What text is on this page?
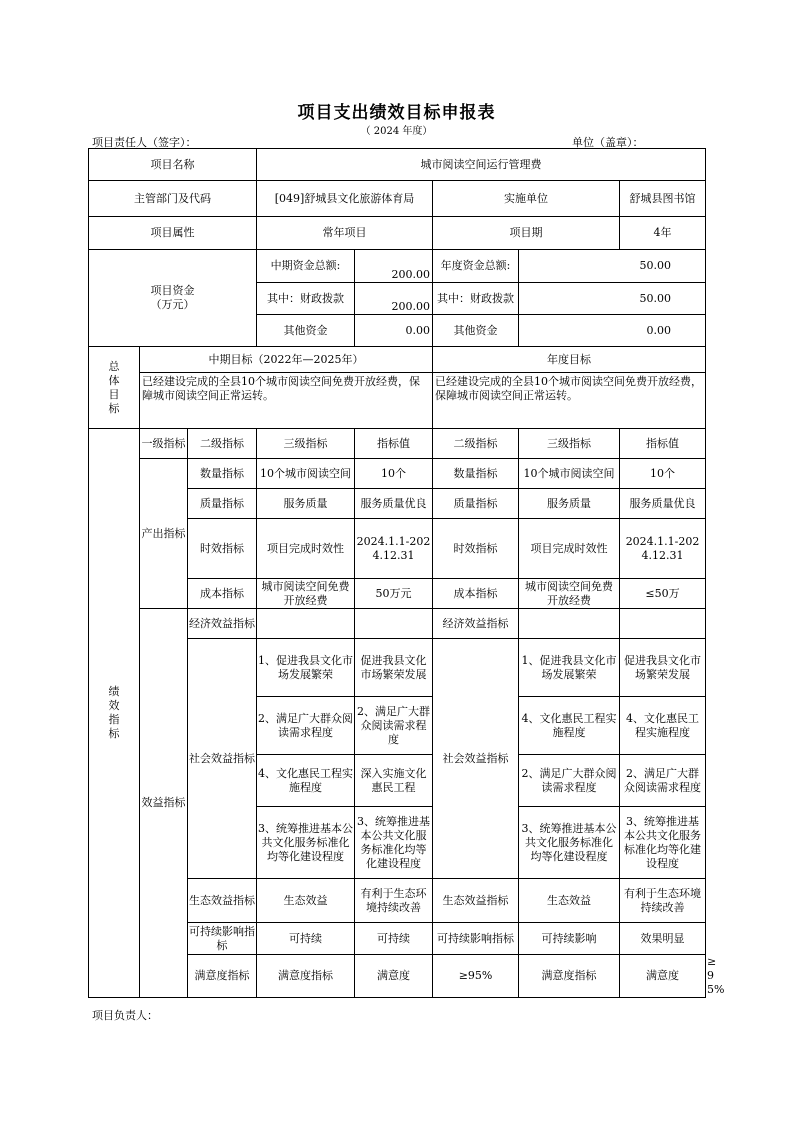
项目支出绩效目标申报表
（ 2024 年度）
项目责任人（签字）：	单位（盖章）：
项目名称			城市阅读空间运行管理费					
主管部门及代码			[049]舒城县文化旅游体育局		实施单位		舒城县图书馆	
项目属性			常年项目		项目期		4年	

项目资金
（万元）			中期资金总额:	200.00	年度资金总额:	50.00		
			其中：财政拨款	200.00	其中：财政拨款	50.00		
			其他资金	0.00	其他资金	0.00		
总体目标	中期目标（2022年—2025年）				年度目标			
	已经建设完成的全县10个城市阅读空间免费开放经费，保障城市阅读空间正常运转。				已经建设完成的全县10个城市阅读空间免费开放经费，保障城市阅读空间正常运转。			
绩效指标	一级指标	二级指标	三级指标	指标值	二级指标	三级指标	指标值	
	产出指标	数量指标	10个城市阅读空间	10个	数量指标	10个城市阅读空间	10个	
		质量指标	服务质量	服务质量优良	质量指标	服务质量	服务质量优良	
		时效指标	项目完成时效性	2024.1.1-2024.12.31	时效指标	项目完成时效性	2024.1.1-2024.12.31	
		成本指标	城市阅读空间免费开放经费	50万元	成本指标	城市阅读空间免费开放经费	≤50万	
	效益指标	经济效益指标			经济效益指标			
		社会效益指标	1、促进我县文化市场发展繁荣	促进我县文化市场繁荣发展	社会效益指标	1、促进我县文化市场发展繁荣	促进我县文化市场繁荣发展	

			2、满足广大群众阅读需求程度	2、满足广大群众阅读需求程度		4、文化惠民工程实施程度	4、文化惠民工程实施程度	

			4、文化惠民工程实施程度	深入实施文化惠民工程		2、满足广大群众阅读需求程度	2、满足广大群众阅读需求程度	

			3、统筹推进基本公共文化服务标准化均等化建设程度	3、统筹推进基本公共文化服务标准化均等化建设程度		3、统筹推进基本公共文化服务标准化均等化建设程度	3、统筹推进基本公共文化服务标准化均等化建设程度	

		生态效益指标	生态效益	有利于生态环境持续改善	生态效益指标	生态效益	有利于生态环境持续改善	
		可持续影响指标	可持续	可持续	可持续影响指标	可持续影响	效果明显	
		满意度指标	满意度指标	满意度	≥95%	满意度指标	满意度	≥95%
项目负责人：
